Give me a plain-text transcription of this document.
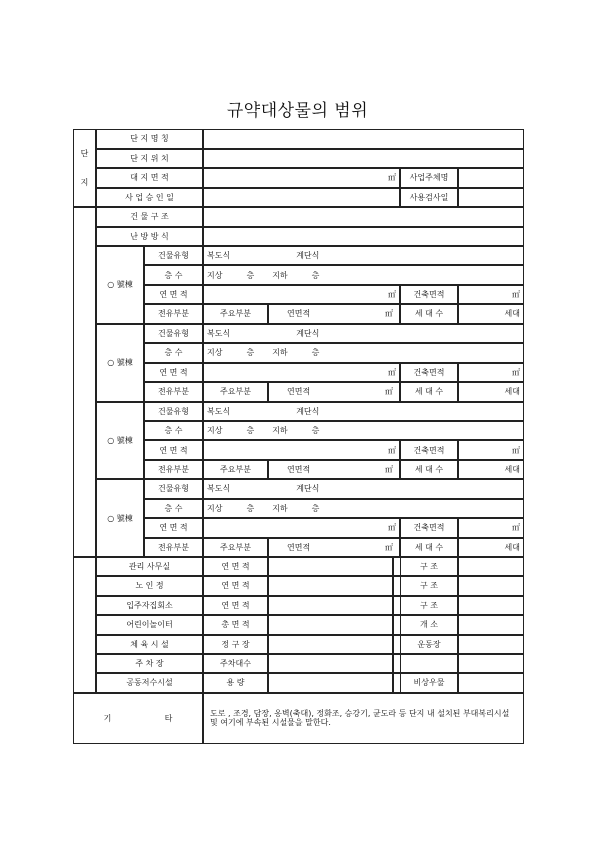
규약대상물의 범위
단
지
단 지 명 칭
단 지 위 치
대 지 면 적	㎡	사업주체명
사 업 승 인 일	사용검사일
건 물 구 조
난 방 방 식
○ 號棟
건물유형	복도식	계단식
층 수	지상	층 지하	층
연 면 적	㎡	건축면적	㎡
전유부분	주요부분	연면적	㎡	세 대 수	세대
○ 號棟
건물유형	복도식	계단식
층 수	지상	층 지하	층
연 면 적	㎡	건축면적	㎡
전유부분	주요부분	연면적	㎡	세 대 수	세대
○ 號棟
건물유형	복도식	계단식
층 수	지상	층 지하	층
연 면 적	㎡	건축면적	㎡
전유부분	주요부분	연면적	㎡	세 대 수	세대
○ 號棟
건물유형	복도식	계단식
층 수	지상	층 지하	층
연 면 적	㎡	건축면적	㎡
전유부분	주요부분	연면적	㎡	세 대 수	세대
관리 사무실	연 면 적	구 조
노 인 정	연 면 적	구 조
입주자집회소	연 면 적	구 조
어린이놀이터	총 면 적	개 소
체 육 시 설	정 구 장	운동장
주 차 장	주차대수
공동저수시설	용 량	비상우물
기	타
도로 , 조경, 담장, 옹벽(축대), 정화조, 승강기, 균도라 등 단지 내 설치된 부대복리시설 및 여기에 부속된 시설물을 말한다.
